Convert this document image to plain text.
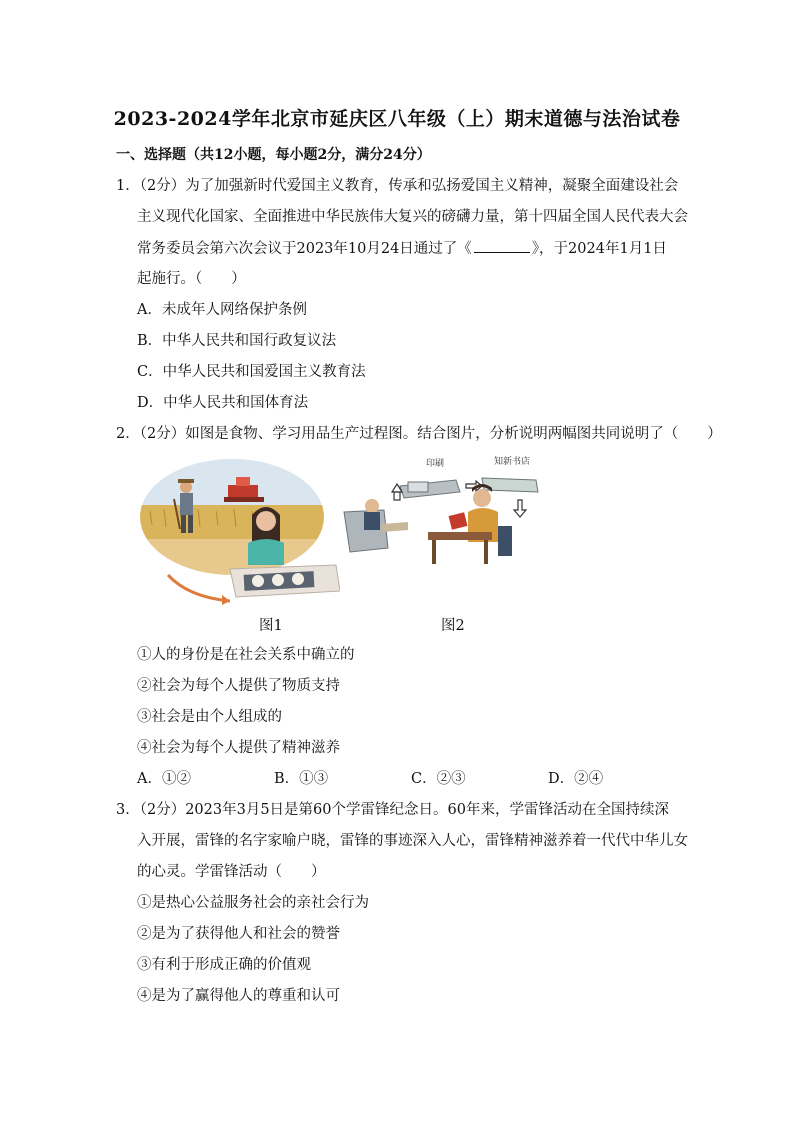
2023-2024学年北京市延庆区八年级（上）期末道德与法治试卷
一、选择题（共12小题，每小题2分，满分24分）
1．（2分）为了加强新时代爱国主义教育，传承和弘扬爱国主义精神，凝聚全面建设社会
主义现代化国家、全面推进中华民族伟大复兴的磅礴力量，第十四届全国人民代表大会
常务委员会第六次会议于2023年10月24日通过了《	》，于2024年1月1日
起施行。（　　）
A．未成年人网络保护条例
B．中华人民共和国行政复议法
C．中华人民共和国爱国主义教育法
D．中华人民共和国体育法
2．（2分）如图是食物、学习用品生产过程图。结合图片，分析说明两幅图共同说明了（　　）
印刷	知新书店
图1	图2
①人的身份是在社会关系中确立的
②社会为每个人提供了物质支持
③社会是由个人组成的
④社会为每个人提供了精神滋养
A．①②	B．①③	C．②③	D．②④
3．（2分）2023年3月5日是第60个学雷锋纪念日。60年来，学雷锋活动在全国持续深
入开展，雷锋的名字家喻户晓，雷锋的事迹深入人心，雷锋精神滋养着一代代中华儿女
的心灵。学雷锋活动（　　）
①是热心公益服务社会的亲社会行为
②是为了获得他人和社会的赞誉
③有利于形成正确的价值观
④是为了赢得他人的尊重和认可
